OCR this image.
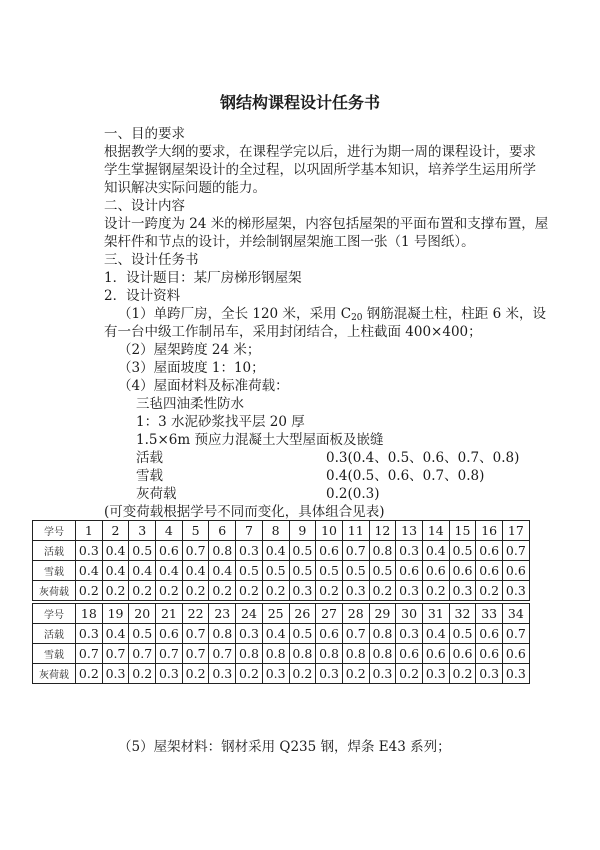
钢结构课程设计任务书
一、目的要求
根据教学大纲的要求，在课程学完以后，进行为期一周的课程设计，要求
学生掌握钢屋架设计的全过程，以巩固所学基本知识，培养学生运用所学
知识解决实际问题的能力。
二、设计内容
设计一跨度为 24 米的梯形屋架，内容包括屋架的平面布置和支撑布置，屋
架杆件和节点的设计，并绘制钢屋架施工图一张（1 号图纸）。
三、设计任务书
1．设计题目：某厂房梯形钢屋架
2．设计资料
（1）单跨厂房，全长 120 米，采用 $C_{20}$ 钢筋混凝土柱，柱距 6 米，设
有一台中级工作制吊车，采用封闭结合，上柱截面 400×400；
（2）屋架跨度 24 米；
（3）屋面坡度 1：10；
（4）屋面材料及标准荷载：
三毡四油柔性防水
1：3 水泥砂浆找平层 20 厚
1.5×6m 预应力混凝土大型屋面板及嵌缝
活载	0.3(0.4、0.5、0.6、0.7、0.8)
雪载	0.4(0.5、0.6、0.7、0.8)
灰荷载	0.2(0.3)
(可变荷载根据学号不同而变化，具体组合见表)
学号	1	2	3	4	5	6	7	8	9	10	11	12	13	14	15	16	17
活载	0.3	0.4	0.5	0.6	0.7	0.8	0.3	0.4	0.5	0.6	0.7	0.8	0.3	0.4	0.5	0.6	0.7
雪载	0.4	0.4	0.4	0.4	0.4	0.4	0.5	0.5	0.5	0.5	0.5	0.5	0.6	0.6	0.6	0.6	0.6
灰荷载	0.2	0.2	0.2	0.2	0.2	0.2	0.2	0.2	0.3	0.2	0.3	0.2	0.3	0.2	0.3	0.2	0.3
学号	18	19	20	21	22	23	24	25	26	27	28	29	30	31	32	33	34
活载	0.3	0.4	0.5	0.6	0.7	0.8	0.3	0.4	0.5	0.6	0.7	0.8	0.3	0.4	0.5	0.6	0.7
雪载	0.7	0.7	0.7	0.7	0.7	0.7	0.8	0.8	0.8	0.8	0.8	0.8	0.6	0.6	0.6	0.6	0.6
灰荷载	0.2	0.3	0.2	0.3	0.2	0.3	0.2	0.3	0.2	0.3	0.2	0.3	0.2	0.3	0.2	0.3	0.3
（5）屋架材料：钢材采用 Q235 钢，焊条 E43 系列；
